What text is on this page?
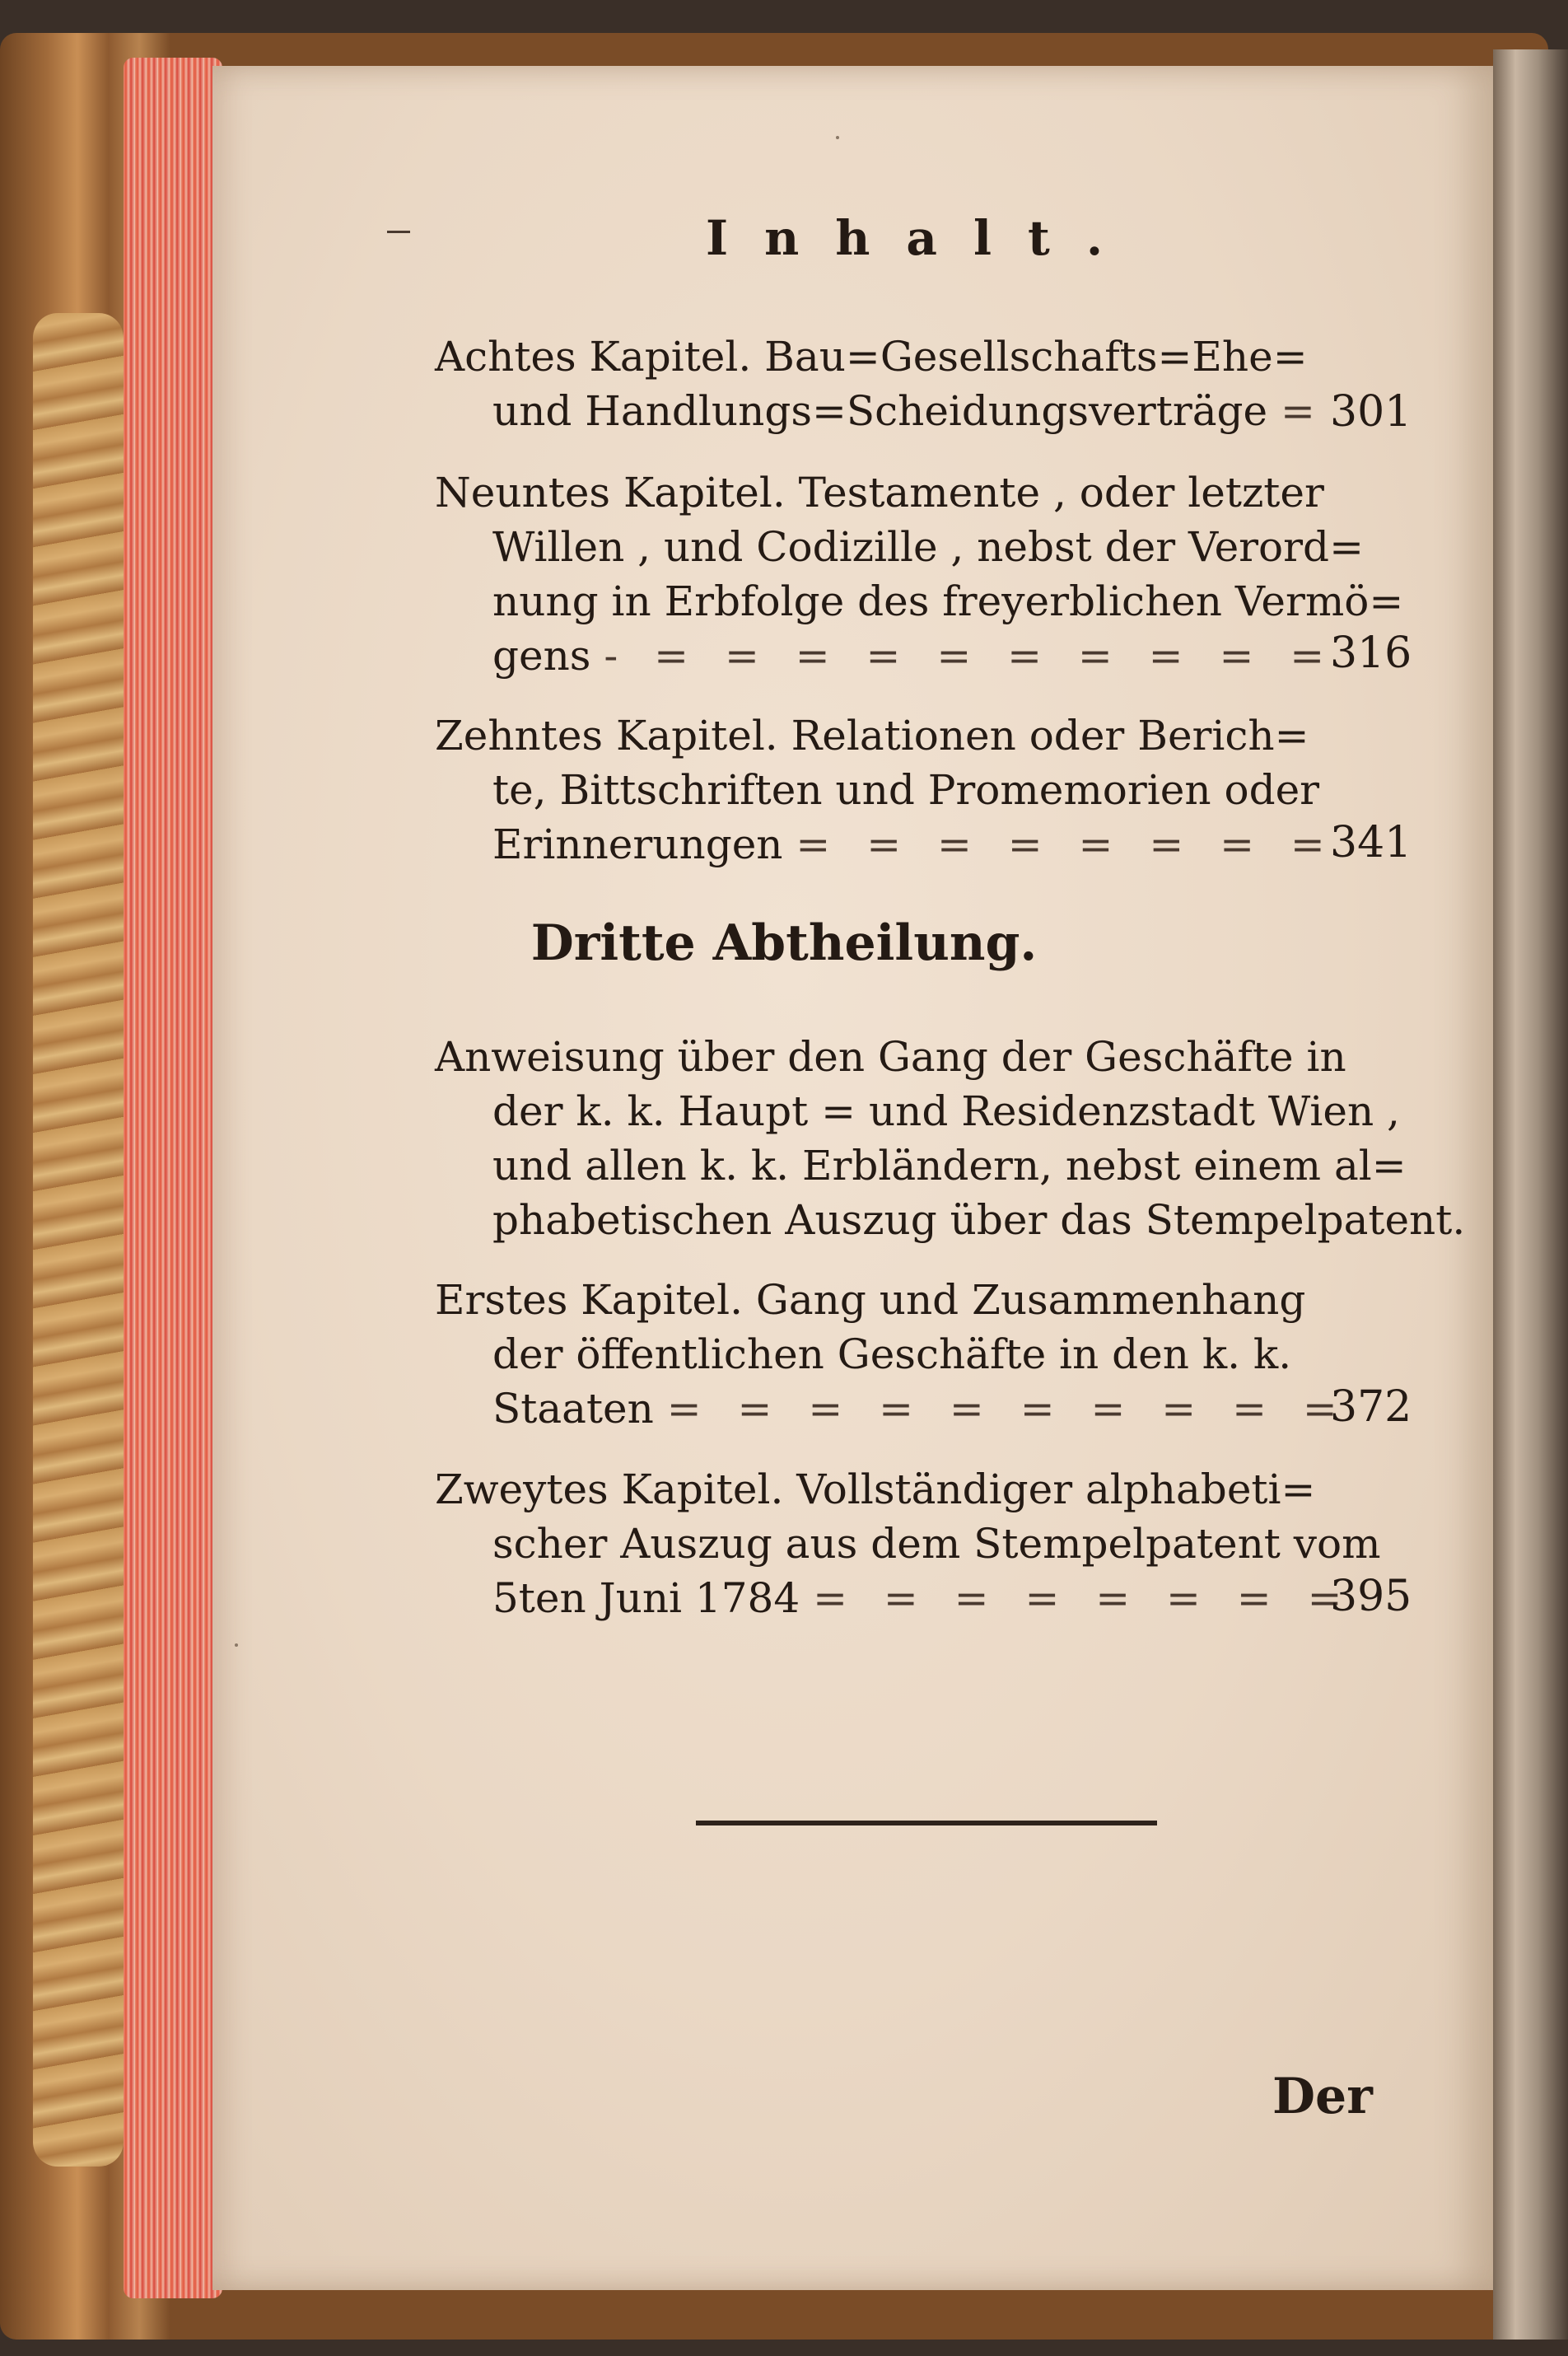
Inhalt.
Achtes Kapitel. Bau=Gesellschafts=Ehe=
und Handlungs=Scheidungsverträge = 301
Neuntes Kapitel. Testamente , oder letzter
Willen , und Codizille , nebst der Verord=
nung in Erbfolge des freyerblichen Vermö=
gens - = = = = = = = = = =
316
Zehntes Kapitel. Relationen oder Berich=
te, Bittschriften und Promemorien oder
Erinnerungen = = = = = = = =
341
Dritte Abtheilung.
Anweisung über den Gang der Geschäfte in
der k. k. Haupt = und Residenzstadt Wien ,
und allen k. k. Erbländern, nebst einem al=
phabetischen Auszug über das Stempelpatent.
Erstes Kapitel. Gang und Zusammenhang
der öffentlichen Geschäfte in den k. k.
Staaten = = = = = = = = = =
372
Zweytes Kapitel. Vollständiger alphabeti=
scher Auszug aus dem Stempelpatent vom
5ten Juni 1784 = = = = = = = =
395
Der
